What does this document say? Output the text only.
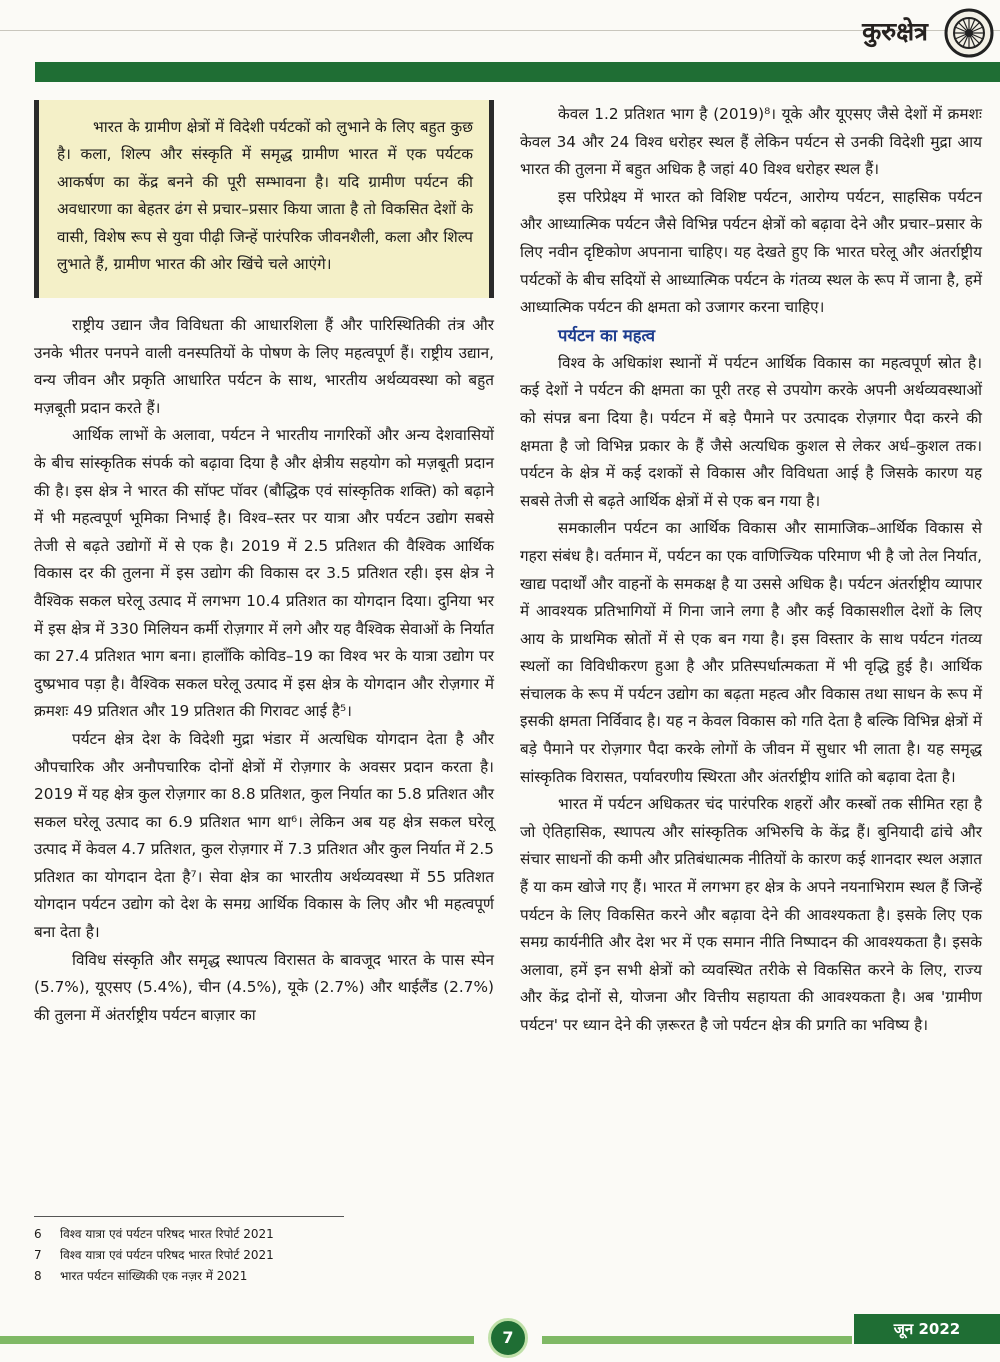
कुरुक्षेत्र

भारत के ग्रामीण क्षेत्रों में विदेशी पर्यटकों को लुभाने के लिए बहुत कुछ है। कला, शिल्प और संस्कृति में समृद्ध ग्रामीण भारत में एक पर्यटक आकर्षण का केंद्र बनने की पूरी सम्भावना है। यदि ग्रामीण पर्यटन की अवधारणा का बेहतर ढंग से प्रचार–प्रसार किया जाता है तो विकसित देशों के वासी, विशेष रूप से युवा पीढ़ी जिन्हें पारंपरिक जीवनशैली, कला और शिल्प लुभाते हैं, ग्रामीण भारत की ओर खिंचे चले आएंगे।

राष्ट्रीय उद्यान जैव विविधता की आधारशिला हैं और पारिस्थितिकी तंत्र और उनके भीतर पनपने वाली वनस्पतियों के पोषण के लिए महत्वपूर्ण हैं। राष्ट्रीय उद्यान, वन्य जीवन और प्रकृति आधारित पर्यटन के साथ, भारतीय अर्थव्यवस्था को बहुत मज़बूती प्रदान करते हैं।

आर्थिक लाभों के अलावा, पर्यटन ने भारतीय नागरिकों और अन्य देशवासियों के बीच सांस्कृतिक संपर्क को बढ़ावा दिया है और क्षेत्रीय सहयोग को मज़बूती प्रदान की है। इस क्षेत्र ने भारत की सॉफ्ट पॉवर (बौद्धिक एवं सांस्कृतिक शक्ति) को बढ़ाने में भी महत्वपूर्ण भूमिका निभाई है। विश्व–स्तर पर यात्रा और पर्यटन उद्योग सबसे तेजी से बढ़ते उद्योगों में से एक है। 2019 में 2.5 प्रतिशत की वैश्विक आर्थिक विकास दर की तुलना में इस उद्योग की विकास दर 3.5 प्रतिशत रही। इस क्षेत्र ने वैश्विक सकल घरेलू उत्पाद में लगभग 10.4 प्रतिशत का योगदान दिया। दुनिया भर में इस क्षेत्र में 330 मिलियन कर्मी रोज़गार में लगे और यह वैश्विक सेवाओं के निर्यात का 27.4 प्रतिशत भाग बना। हालाँकि कोविड–19 का विश्व भर के यात्रा उद्योग पर दुष्प्रभाव पड़ा है। वैश्विक सकल घरेलू उत्पाद में इस क्षेत्र के योगदान और रोज़गार में क्रमशः 49 प्रतिशत और 19 प्रतिशत की गिरावट आई है⁵।

पर्यटन क्षेत्र देश के विदेशी मुद्रा भंडार में अत्यधिक योगदान देता है और औपचारिक और अनौपचारिक दोनों क्षेत्रों में रोज़गार के अवसर प्रदान करता है। 2019 में यह क्षेत्र कुल रोज़गार का 8.8 प्रतिशत, कुल निर्यात का 5.8 प्रतिशत और सकल घरेलू उत्पाद का 6.9 प्रतिशत भाग था⁶। लेकिन अब यह क्षेत्र सकल घरेलू उत्पाद में केवल 4.7 प्रतिशत, कुल रोज़गार में 7.3 प्रतिशत और कुल निर्यात में 2.5 प्रतिशत का योगदान देता है⁷। सेवा क्षेत्र का भारतीय अर्थव्यवस्था में 55 प्रतिशत योगदान पर्यटन उद्योग को देश के समग्र आर्थिक विकास के लिए और भी महत्वपूर्ण बना देता है।

विविध संस्कृति और समृद्ध स्थापत्य विरासत के बावजूद भारत के पास स्पेन (5.7%), यूएसए (5.4%), चीन (4.5%), यूके (2.7%) और थाईलैंड (2.7%) की तुलना में अंतर्राष्ट्रीय पर्यटन बाज़ार का

6	विश्व यात्रा एवं पर्यटन परिषद भारत रिपोर्ट 2021
7	विश्व यात्रा एवं पर्यटन परिषद भारत रिपोर्ट 2021
8	भारत पर्यटन सांख्यिकी एक नज़र में 2021

केवल 1.2 प्रतिशत भाग है (2019)⁸। यूके और यूएसए जैसे देशों में क्रमशः केवल 34 और 24 विश्व धरोहर स्थल हैं लेकिन पर्यटन से उनकी विदेशी मुद्रा आय भारत की तुलना में बहुत अधिक है जहां 40 विश्व धरोहर स्थल हैं।

इस परिप्रेक्ष्य में भारत को विशिष्ट पर्यटन, आरोग्य पर्यटन, साहसिक पर्यटन और आध्यात्मिक पर्यटन जैसे विभिन्न पर्यटन क्षेत्रों को बढ़ावा देने और प्रचार–प्रसार के लिए नवीन दृष्टिकोण अपनाना चाहिए। यह देखते हुए कि भारत घरेलू और अंतर्राष्ट्रीय पर्यटकों के बीच सदियों से आध्यात्मिक पर्यटन के गंतव्य स्थल के रूप में जाना है, हमें आध्यात्मिक पर्यटन की क्षमता को उजागर करना चाहिए।

पर्यटन का महत्व

विश्व के अधिकांश स्थानों में पर्यटन आर्थिक विकास का महत्वपूर्ण स्रोत है। कई देशों ने पर्यटन की क्षमता का पूरी तरह से उपयोग करके अपनी अर्थव्यवस्थाओं को संपन्न बना दिया है। पर्यटन में बड़े पैमाने पर उत्पादक रोज़गार पैदा करने की क्षमता है जो विभिन्न प्रकार के हैं जैसे अत्यधिक कुशल से लेकर अर्ध–कुशल तक। पर्यटन के क्षेत्र में कई दशकों से विकास और विविधता आई है जिसके कारण यह सबसे तेजी से बढ़ते आर्थिक क्षेत्रों में से एक बन गया है।

समकालीन पर्यटन का आर्थिक विकास और सामाजिक–आर्थिक विकास से गहरा संबंध है। वर्तमान में, पर्यटन का एक वाणिज्यिक परिमाण भी है जो तेल निर्यात, खाद्य पदार्थों और वाहनों के समकक्ष है या उससे अधिक है। पर्यटन अंतर्राष्ट्रीय व्यापार में आवश्यक प्रतिभागियों में गिना जाने लगा है और कई विकासशील देशों के लिए आय के प्राथमिक स्रोतों में से एक बन गया है। इस विस्तार के साथ पर्यटन गंतव्य स्थलों का विविधीकरण हुआ है और प्रतिस्पर्धात्मकता में भी वृद्धि हुई है। आर्थिक संचालक के रूप में पर्यटन उद्योग का बढ़ता महत्व और विकास तथा साधन के रूप में इसकी क्षमता निर्विवाद है। यह न केवल विकास को गति देता है बल्कि विभिन्न क्षेत्रों में बड़े पैमाने पर रोज़गार पैदा करके लोगों के जीवन में सुधार भी लाता है। यह समृद्ध सांस्कृतिक विरासत, पर्यावरणीय स्थिरता और अंतर्राष्ट्रीय शांति को बढ़ावा देता है।

भारत में पर्यटन अधिकतर चंद पारंपरिक शहरों और कस्बों तक सीमित रहा है जो ऐतिहासिक, स्थापत्य और सांस्कृतिक अभिरुचि के केंद्र हैं। बुनियादी ढांचे और संचार साधनों की कमी और प्रतिबंधात्मक नीतियों के कारण कई शानदार स्थल अज्ञात हैं या कम खोजे गए हैं। भारत में लगभग हर क्षेत्र के अपने नयनाभिराम स्थल हैं जिन्हें पर्यटन के लिए विकसित करने और बढ़ावा देने की आवश्यकता है। इसके लिए एक समग्र कार्यनीति और देश भर में एक समान नीति निष्पादन की आवश्यकता है। इसके अलावा, हमें इन सभी क्षेत्रों को व्यवस्थित तरीके से विकसित करने के लिए, राज्य और केंद्र दोनों से, योजना और वित्तीय सहायता की आवश्यकता है। अब 'ग्रामीण पर्यटन' पर ध्यान देने की ज़रूरत है जो पर्यटन क्षेत्र की प्रगति का भविष्य है।

7	जून 2022
